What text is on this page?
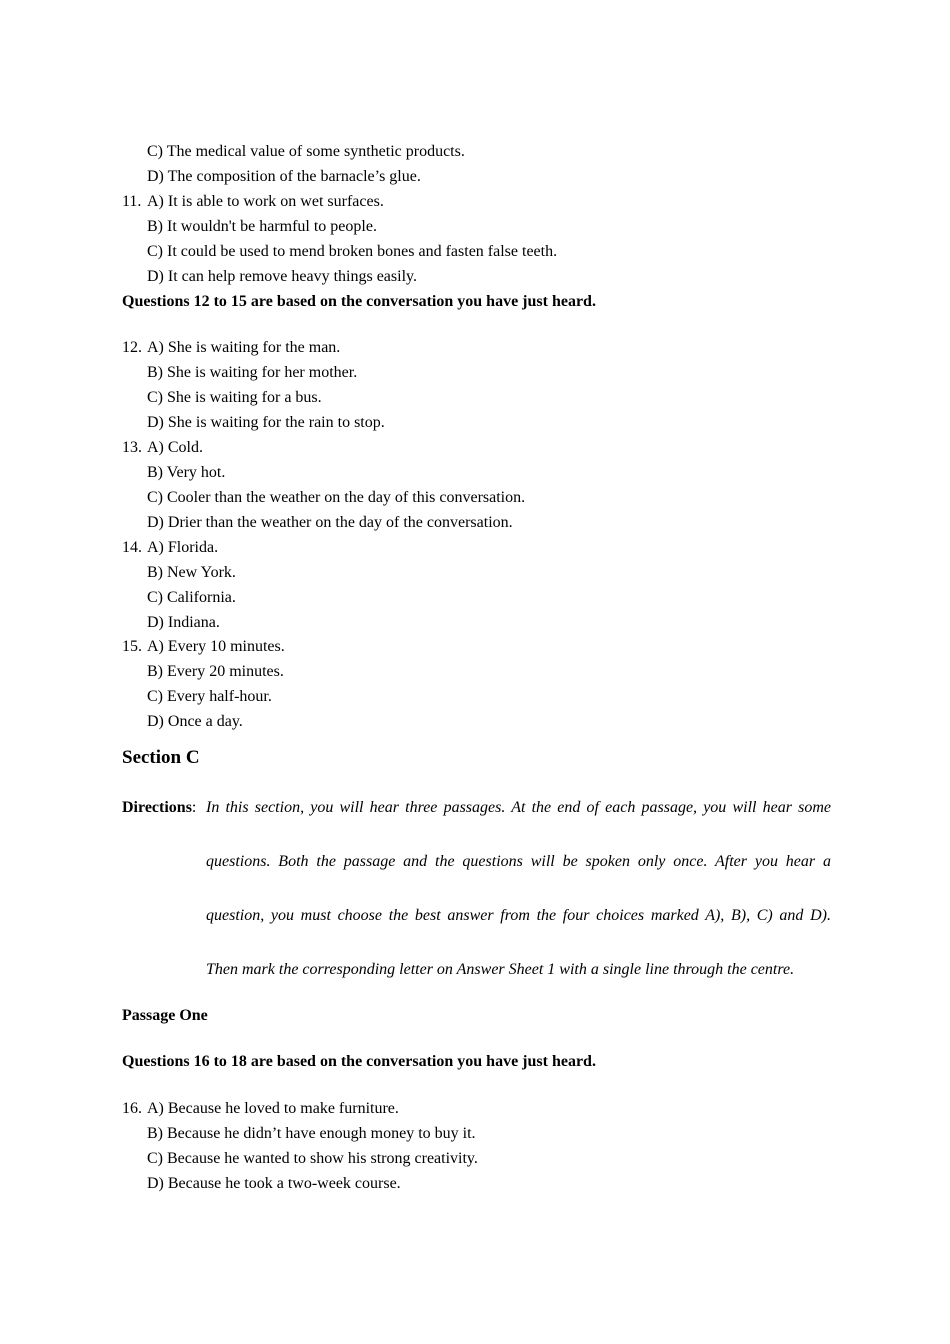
C) The medical value of some synthetic products.
D) The composition of the barnacle’s glue.
11. A) It is able to work on wet surfaces.
B) It wouldn't be harmful to people.
C) It could be used to mend broken bones and fasten false teeth.
D) It can help remove heavy things easily.
Questions 12 to 15 are based on the conversation you have just heard.
12. A) She is waiting for the man.
B) She is waiting for her mother.
C) She is waiting for a bus.
D) She is waiting for the rain to stop.
13. A) Cold.
B) Very hot.
C) Cooler than the weather on the day of this conversation.
D) Drier than the weather on the day of the conversation.
14. A) Florida.
B) New York.
C) California.
D) Indiana.
15. A) Every 10 minutes.
B) Every 20 minutes.
C) Every half-hour.
D) Once a day.
Section C
Directions: In this section, you will hear three passages. At the end of each passage, you will hear some
questions. Both the passage and the questions will be spoken only once. After you hear a
question, you must choose the best answer from the four choices marked A), B), C) and D).
Then mark the corresponding letter on Answer Sheet 1 with a single line through the centre.
Passage One
Questions 16 to 18 are based on the conversation you have just heard.
16. A) Because he loved to make furniture.
B) Because he didn’t have enough money to buy it.
C) Because he wanted to show his strong creativity.
D) Because he took a two-week course.
